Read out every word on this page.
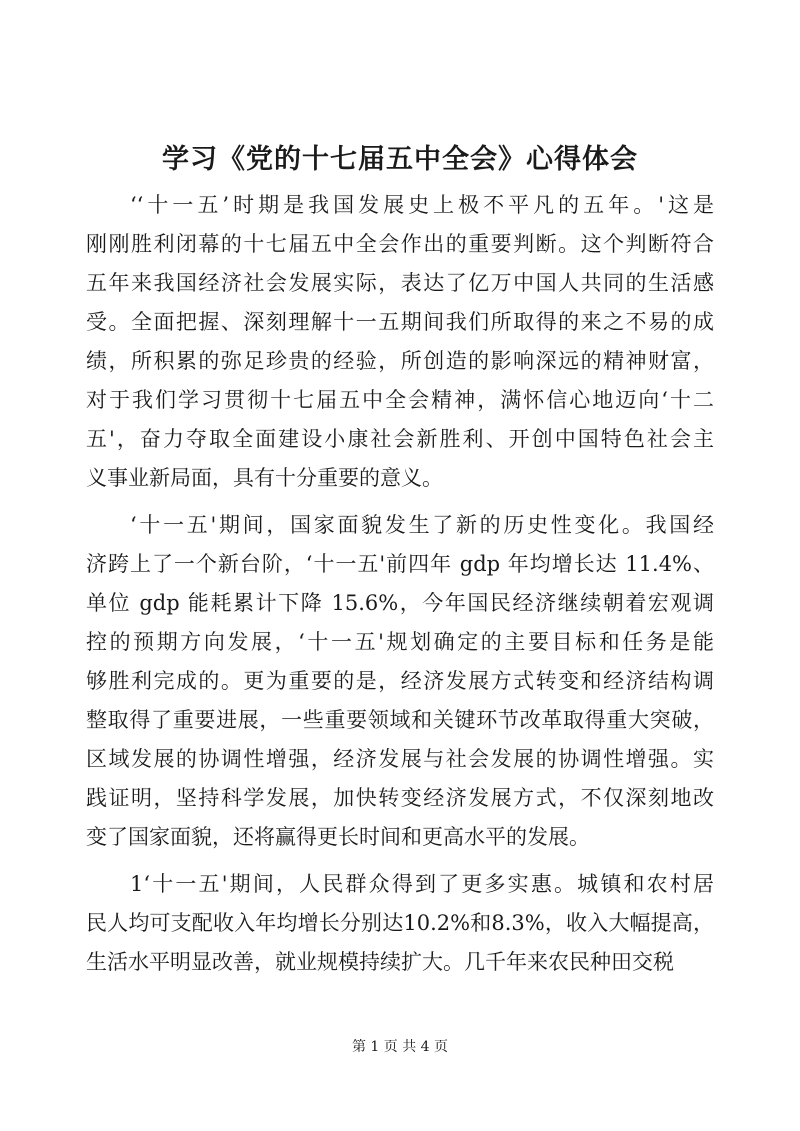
学习《党的十七届五中全会》心得体会
‘‘十一五’时期是我国发展史上极不平凡的五年。'这是
刚刚胜利闭幕的十七届五中全会作出的重要判断。这个判断符合
五年来我国经济社会发展实际，表达了亿万中国人共同的生活感
受。全面把握、深刻理解十一五期间我们所取得的来之不易的成
绩，所积累的弥足珍贵的经验，所创造的影响深远的精神财富，
对于我们学习贯彻十七届五中全会精神，满怀信心地迈向‘十二
五'，奋力夺取全面建设小康社会新胜利、开创中国特色社会主
义事业新局面，具有十分重要的意义。
‘十一五'期间，国家面貌发生了新的历史性变化。我国经
济跨上了一个新台阶，‘十一五'前四年 gdp 年均增长达 11.4%、
单位 gdp 能耗累计下降 15.6%，今年国民经济继续朝着宏观调
控的预期方向发展，‘十一五'规划确定的主要目标和任务是能
够胜利完成的。更为重要的是，经济发展方式转变和经济结构调
整取得了重要进展，一些重要领域和关键环节改革取得重大突破，
区域发展的协调性增强，经济发展与社会发展的协调性增强。实
践证明，坚持科学发展，加快转变经济发展方式，不仅深刻地改
变了国家面貌，还将赢得更长时间和更高水平的发展。
1‘十一五'期间，人民群众得到了更多实惠。城镇和农村居
民人均可支配收入年均增长分别达10.2%和8.3%，收入大幅提高，
生活水平明显改善，就业规模持续扩大。几千年来农民种田交税
第 1 页 共 4 页
